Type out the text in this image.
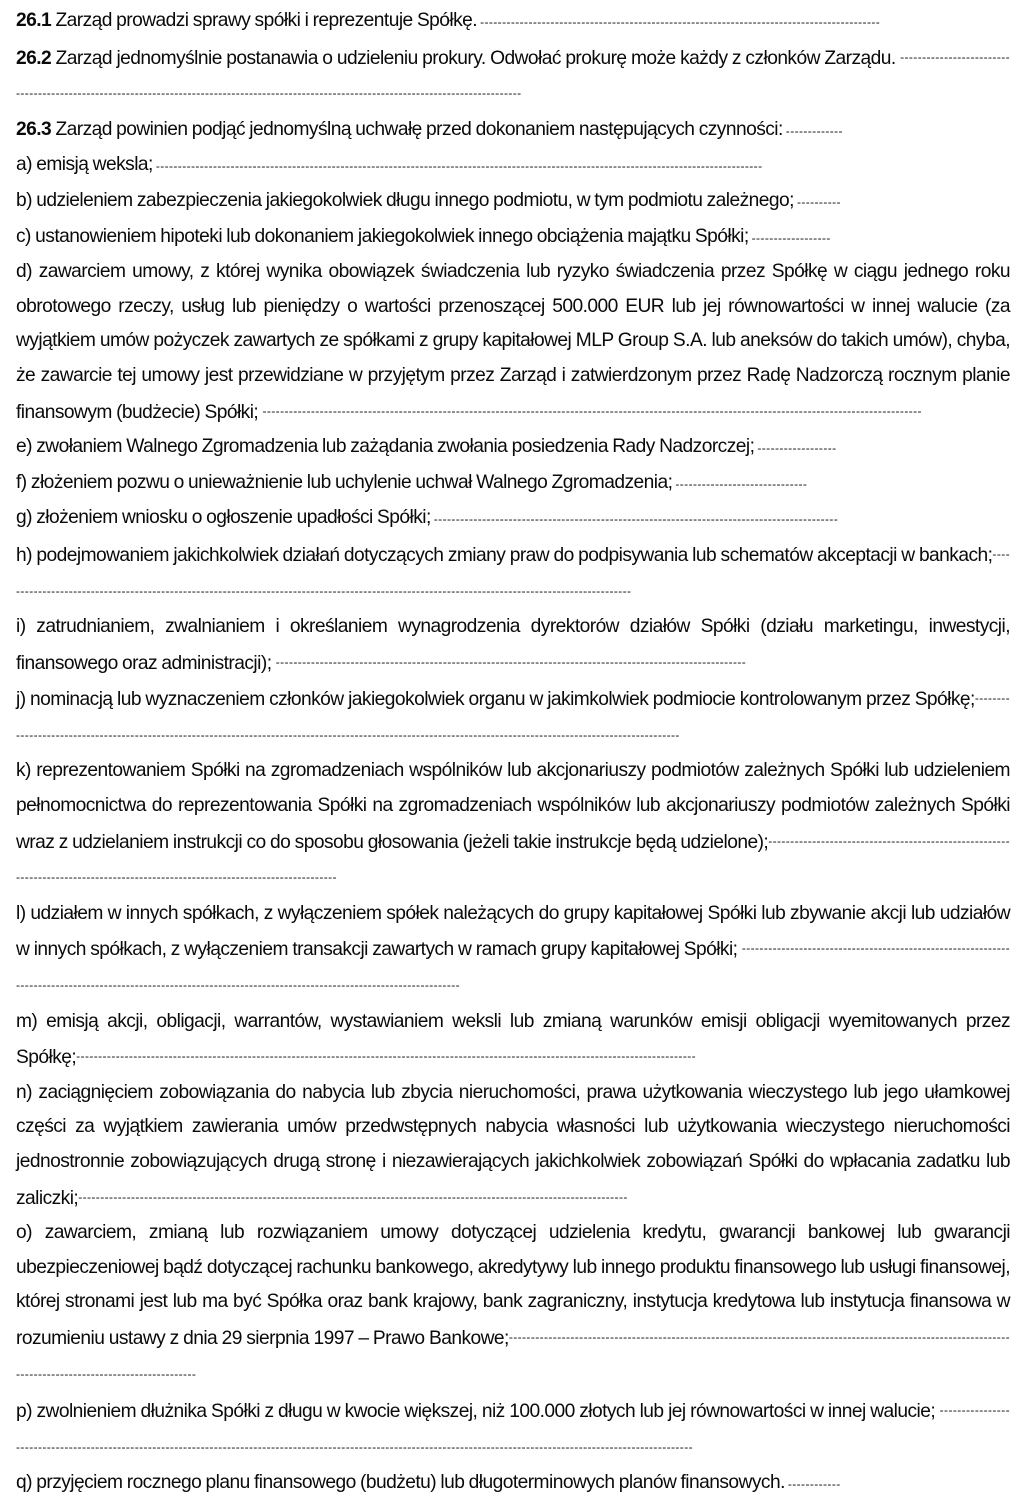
26.1 Zarząd prowadzi sprawy spółki i reprezentuje Spółkę. -------------------------------------------------------------------------------------------

26.2 Zarząd jednomyślnie postanawia o udzieleniu prokury. Odwołać prokurę może każdy z członków Zarządu. --------------------------------------------------------------------------------------------------------------------------------------------

26.3 Zarząd powinien podjąć jednomyślną uchwałę przed dokonaniem następujących czynności: -------------

a) emisją weksla; ------------------------------------------------------------------------------------------------------------------------------------------

b) udzieleniem zabezpieczenia jakiegokolwiek długu innego podmiotu, w tym podmiotu zależnego; ----------

c) ustanowieniem hipoteki lub dokonaniem jakiegokolwiek innego obciążenia majątku Spółki; ------------------

d) zawarciem umowy, z której wynika obowiązek świadczenia lub ryzyko świadczenia przez Spółkę w ciągu jednego roku obrotowego rzeczy, usług lub pieniędzy o wartości przenoszącej 500.000 EUR lub jej równowartości w innej walucie (za wyjątkiem umów pożyczek zawartych ze spółkami z grupy kapitałowej MLP Group S.A. lub aneksów do takich umów), chyba, że zawarcie tej umowy jest przewidziane w przyjętym przez Zarząd i zatwierdzonym przez Radę Nadzorczą rocznym planie finansowym (budżecie) Spółki; ------------------------------------------------------------------------------------------------------------------------------------------------------

e) zwołaniem Walnego Zgromadzenia lub zażądania zwołania posiedzenia Rady Nadzorczej; ------------------

f) złożeniem pozwu o unieważnienie lub uchylenie uchwał Walnego Zgromadzenia; ------------------------------

g) złożeniem wniosku o ogłoszenie upadłości Spółki; --------------------------------------------------------------------------------------------

h) podejmowaniem jakichkolwiek działań dotyczących zmiany praw do podpisywania lub schematów akceptacji w bankach;------------------------------------------------------------------------------------------------------------------------------------------------

i) zatrudnianiem, zwalnianiem i określaniem wynagrodzenia dyrektorów działów Spółki (działu marketingu, inwestycji, finansowego oraz administracji); -----------------------------------------------------------------------------------------------------------

j) nominacją lub wyznaczeniem członków jakiegokolwiek organu w jakimkolwiek podmiocie kontrolowanym przez Spółkę;---------------------------------------------------------------------------------------------------------------------------------------------------------------

k) reprezentowaniem Spółki na zgromadzeniach wspólników lub akcjonariuszy podmiotów zależnych Spółki lub udzieleniem pełnomocnictwa do reprezentowania Spółki na zgromadzeniach wspólników lub akcjonariuszy podmiotów zależnych Spółki wraz z udzielaniem instrukcji co do sposobu głosowania (jeżeli takie instrukcje będą udzielone);--------------------------------------------------------------------------------------------------------------------------------

l) udziałem w innych spółkach, z wyłączeniem spółek należących do grupy kapitałowej Spółki lub zbywanie akcji lub udziałów w innych spółkach, z wyłączeniem transakcji zawartych w ramach grupy kapitałowej Spółki; ------------------------------------------------------------------------------------------------------------------------------------------------------------------

m) emisją akcji, obligacji, warrantów, wystawianiem weksli lub zmianą warunków emisji obligacji wyemitowanych przez Spółkę;---------------------------------------------------------------------------------------------------------------------------------------------

n) zaciągnięciem zobowiązania do nabycia lub zbycia nieruchomości, prawa użytkowania wieczystego lub jego ułamkowej części za wyjątkiem zawierania umów przedwstępnych nabycia własności lub użytkowania wieczystego nieruchomości jednostronnie zobowiązujących drugą stronę i niezawierających jakichkolwiek zobowiązań Spółki do wpłacania zadatku lub zaliczki;-----------------------------------------------------------------------------------------------------------------------------

o) zawarciem, zmianą lub rozwiązaniem umowy dotyczącej udzielenia kredytu, gwarancji bankowej lub gwarancji ubezpieczeniowej bądź dotyczącej rachunku bankowego, akredytywy lub innego produktu finansowego lub usługi finansowej, której stronami jest lub ma być Spółka oraz bank krajowy, bank zagraniczny, instytucja kredytowa lub instytucja finansowa w rozumieniu ustawy z dnia 29 sierpnia 1997 – Prawo Bankowe;-----------------------------------------------------------------------------------------------------------------------------------------------------------

p) zwolnieniem dłużnika Spółki z długu w kwocie większej, niż 100.000 złotych lub jej równowartości w innej walucie; --------------------------------------------------------------------------------------------------------------------------------------------------------------------------

q) przyjęciem rocznego planu finansowego (budżetu) lub długoterminowych planów finansowych. ------------
